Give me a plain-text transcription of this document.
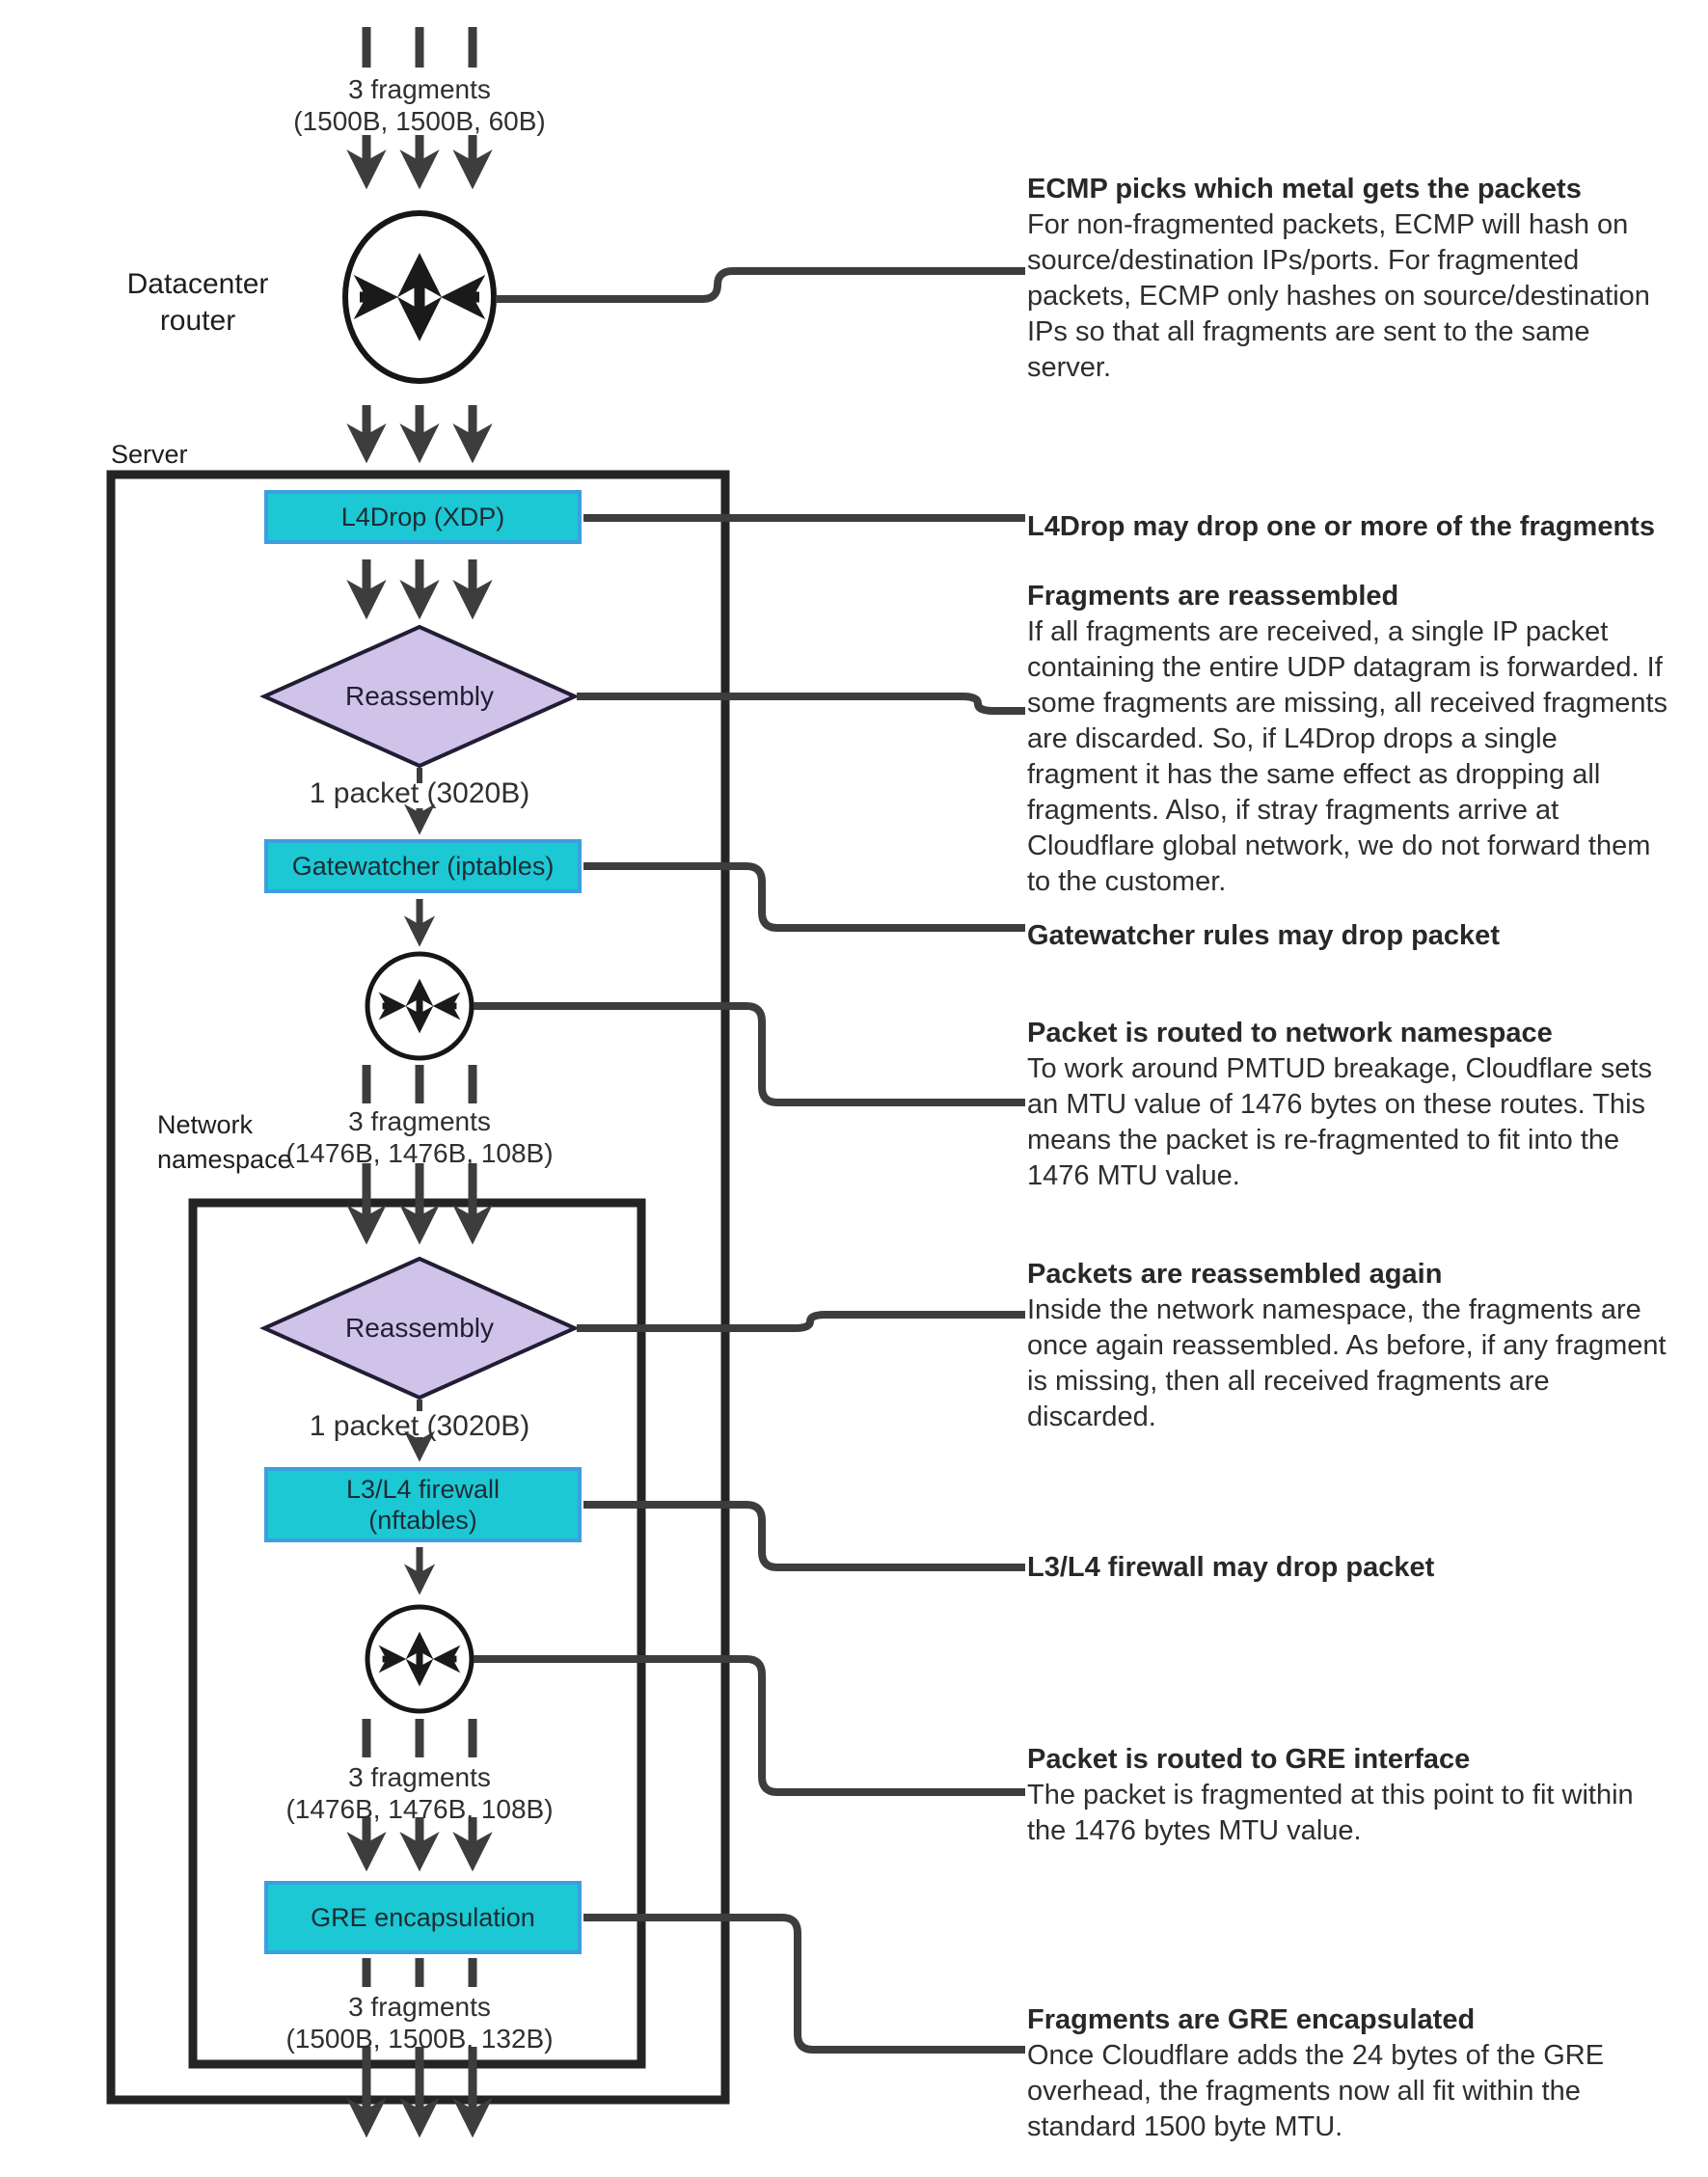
3 fragments
(1500B, 1500B, 60B)
Datacenter
router
Server
L4Drop (XDP)
Reassembly
1 packet (3020B)
Gatewatcher (iptables)
3 fragments
(1476B, 1476B, 108B)
Network
namespace
Reassembly
1 packet (3020B)
L3/L4 firewall
(nftables)
3 fragments
(1476B, 1476B, 108B)
GRE encapsulation
3 fragments
(1500B, 1500B, 132B)
ECMP picks which metal gets the packets

For non-fragmented packets, ECMP will hash on source/destination IPs/ports. For fragmented packets, ECMP only hashes on source/destination IPs so that all fragments are sent to the same server.

L4Drop may drop one or more of the fragments

Fragments are reassembled

If all fragments are received, a single IP packet containing the entire UDP datagram is forwarded. If some fragments are missing, all received fragments are discarded. So, if L4Drop drops a single fragment it has the same effect as dropping all fragments. Also, if stray fragments arrive at Cloudflare global network, we do not forward them to the customer.

Gatewatcher rules may drop packet

Packet is routed to network namespace

To work around PMTUD breakage, Cloudflare sets an MTU value of 1476 bytes on these routes. This means the packet is re-fragmented to fit into the 1476 MTU value.

Packets are reassembled again

Inside the network namespace, the fragments are once again reassembled. As before, if any fragment is missing, then all received fragments are discarded.

L3/L4 firewall may drop packet

Packet is routed to GRE interface

The packet is fragmented at this point to fit within the 1476 bytes MTU value.

Fragments are GRE encapsulated

Once Cloudflare adds the 24 bytes of the GRE overhead, the fragments now all fit within the standard 1500 byte MTU.
